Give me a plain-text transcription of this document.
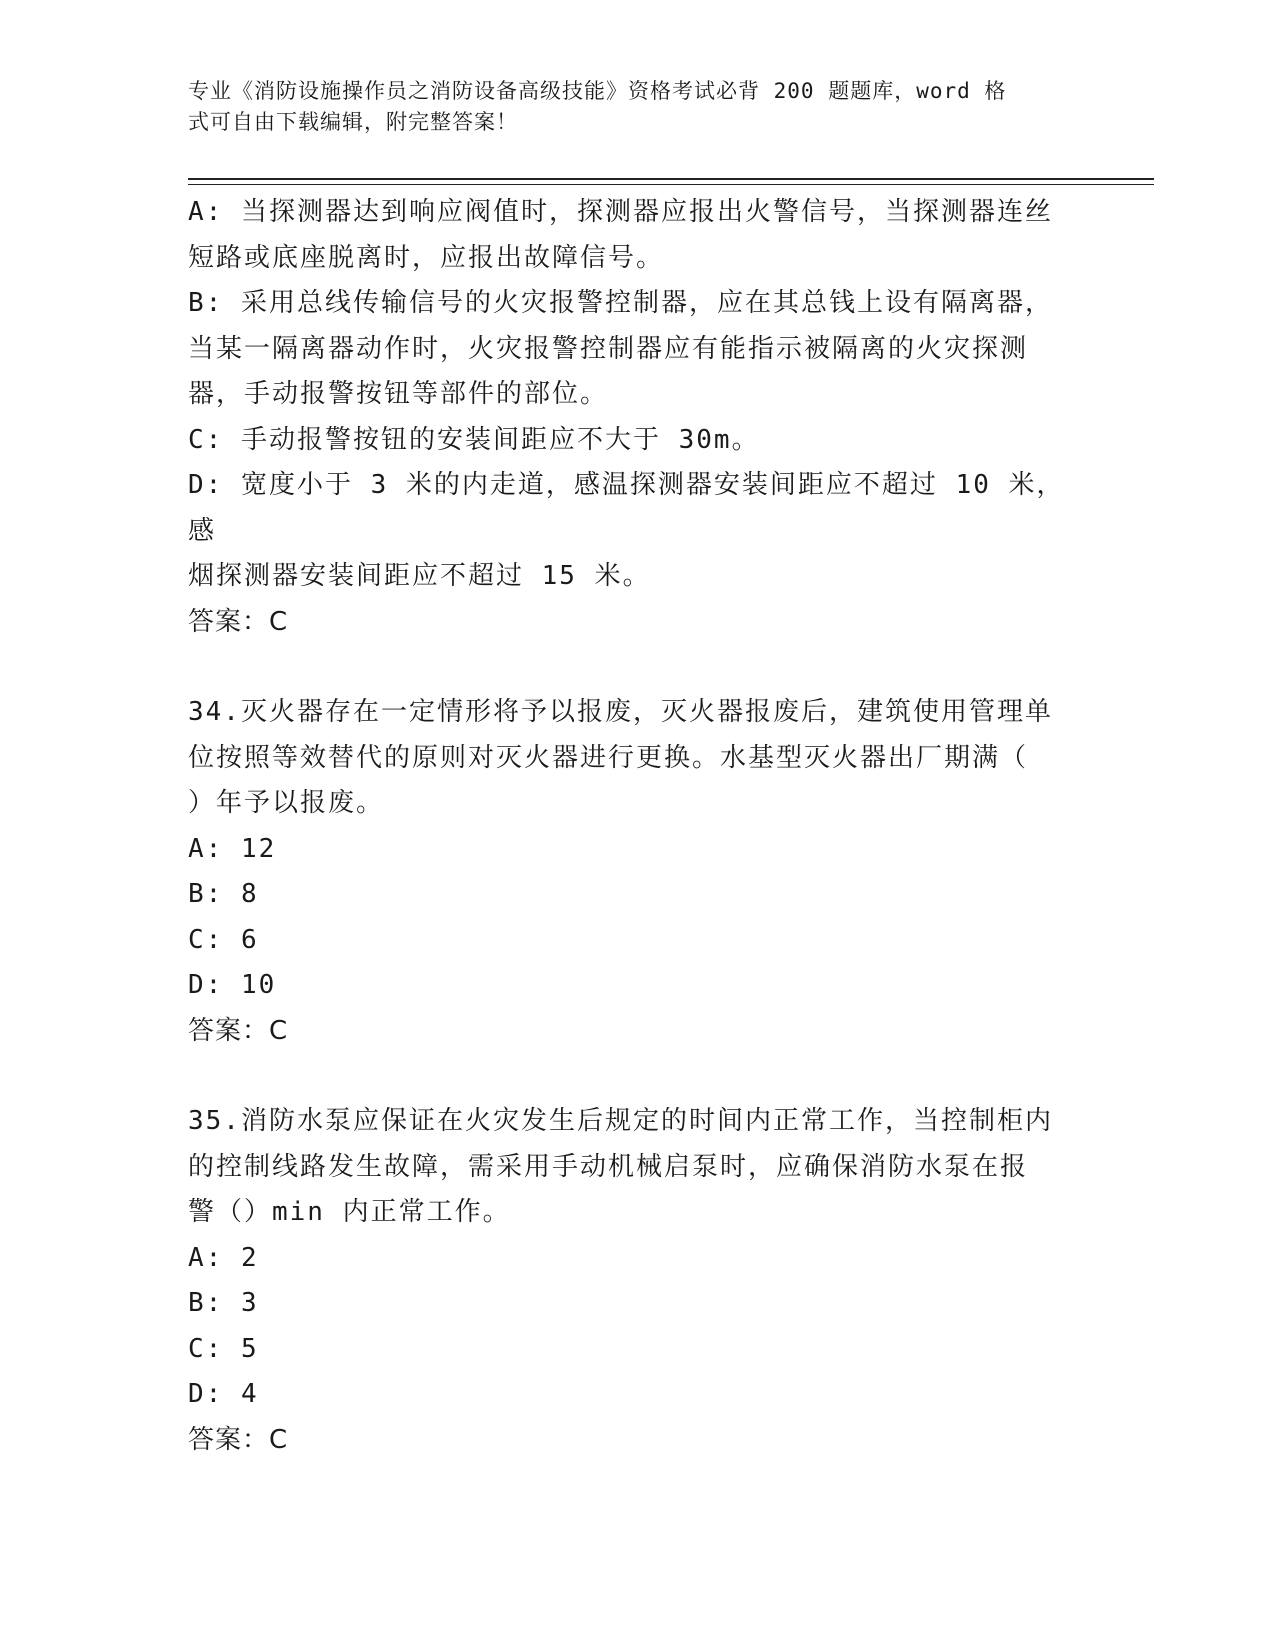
专业《消防设施操作员之消防设备高级技能》资格考试必背 200 题题库，word 格
式可自由下载编辑，附完整答案！

A: 当探测器达到响应阀值时，探测器应报出火警信号，当探测器连丝

短路或底座脱离时，应报出故障信号。

B: 采用总线传输信号的火灾报警控制器，应在其总钱上设有隔离器，

当某一隔离器动作时，火灾报警控制器应有能指示被隔离的火灾探测

器，手动报警按钮等部件的部位。

C: 手动报警按钮的安装间距应不大于 30m。

D: 宽度小于 3 米的内走道，感温探测器安装间距应不超过 10 米，感

烟探测器安装间距应不超过 15 米。

答案：C

34.灭火器存在一定情形将予以报废，灭火器报废后，建筑使用管理单

位按照等效替代的原则对灭火器进行更换。水基型灭火器出厂期满（

）年予以报废。

A: 12

B: 8

C: 6

D: 10

答案：C

35.消防水泵应保证在火灾发生后规定的时间内正常工作，当控制柜内

的控制线路发生故障，需采用手动机械启泵时，应确保消防水泵在报

警（）min 内正常工作。

A: 2

B: 3

C: 5

D: 4

答案：C
